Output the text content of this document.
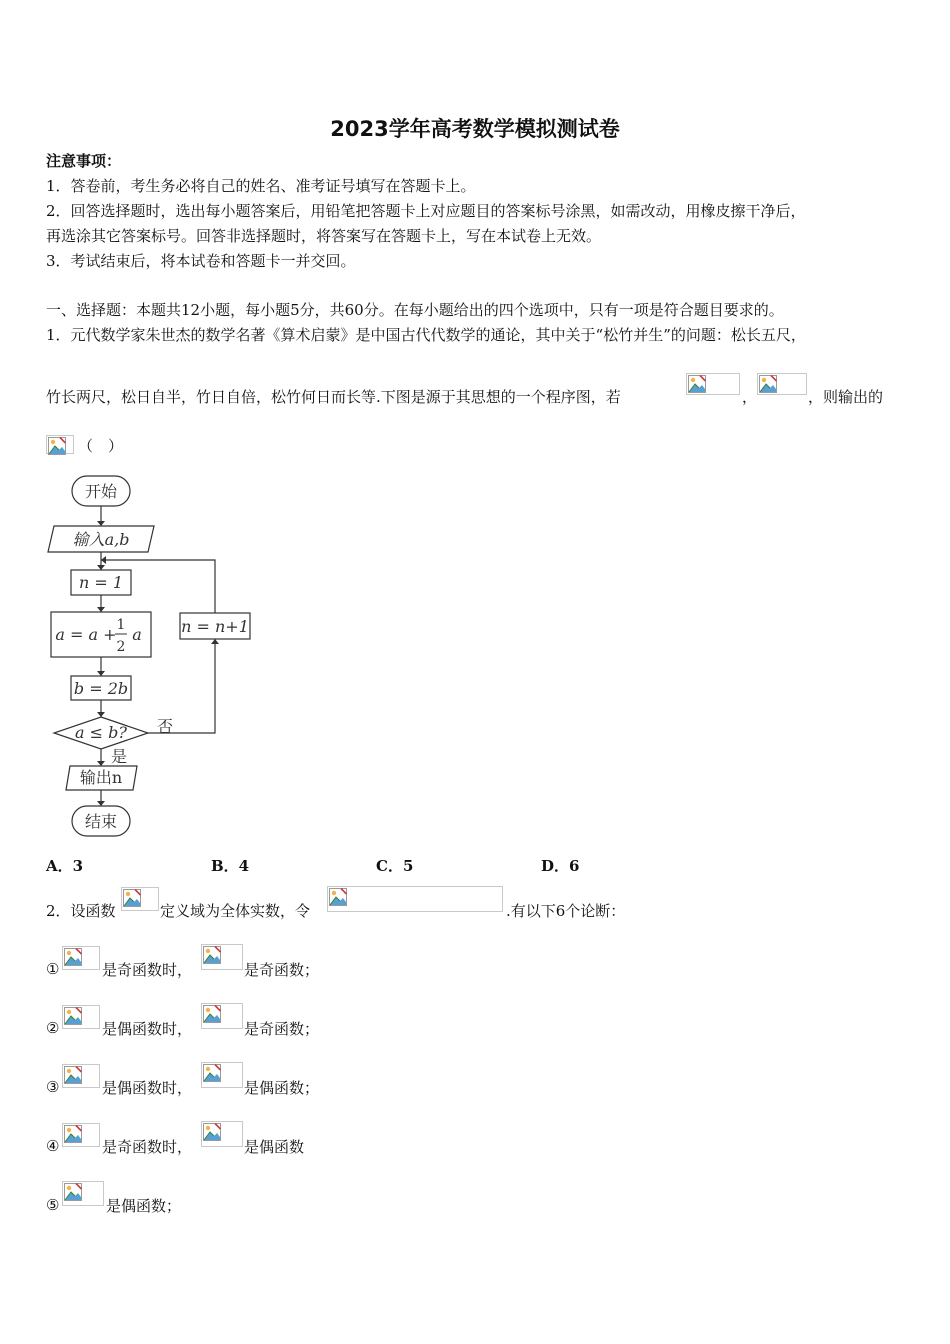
2023学年高考数学模拟测试卷
注意事项：
1．答卷前，考生务必将自己的姓名、准考证号填写在答题卡上。
2．回答选择题时，选出每小题答案后，用铅笔把答题卡上对应题目的答案标号涂黑，如需改动，用橡皮擦干净后，
再选涂其它答案标号。回答非选择题时，将答案写在答题卡上，写在本试卷上无效。
3．考试结束后，将本试卷和答题卡一并交回。
一、选择题：本题共12小题，每小题5分，共60分。在每小题给出的四个选项中，只有一项是符合题目要求的。
1．元代数学家朱世杰的数学名著《算术启蒙》是中国古代代数学的通论，其中关于“松竹并生”的问题：松长五尺，
竹长两尺，松日自半，竹日自倍，松竹何日而长等.下图是源于其思想的一个程序图，若	，	，则输出的
（　）
开始
输入a,b
n = 1
a = a + 1
2
a
b = 2b
a ≤ b? 否
是
输出n
结束
n = n+1
A．3	B．4	C．5	D．6
2．设函数	定义域为全体实数，令	.有以下6个论断：
①	是奇函数时，	是奇函数；
②	是偶函数时，	是奇函数；
③	是偶函数时，	是偶函数；
④	是奇函数时，	是偶函数
⑤	是偶函数；
